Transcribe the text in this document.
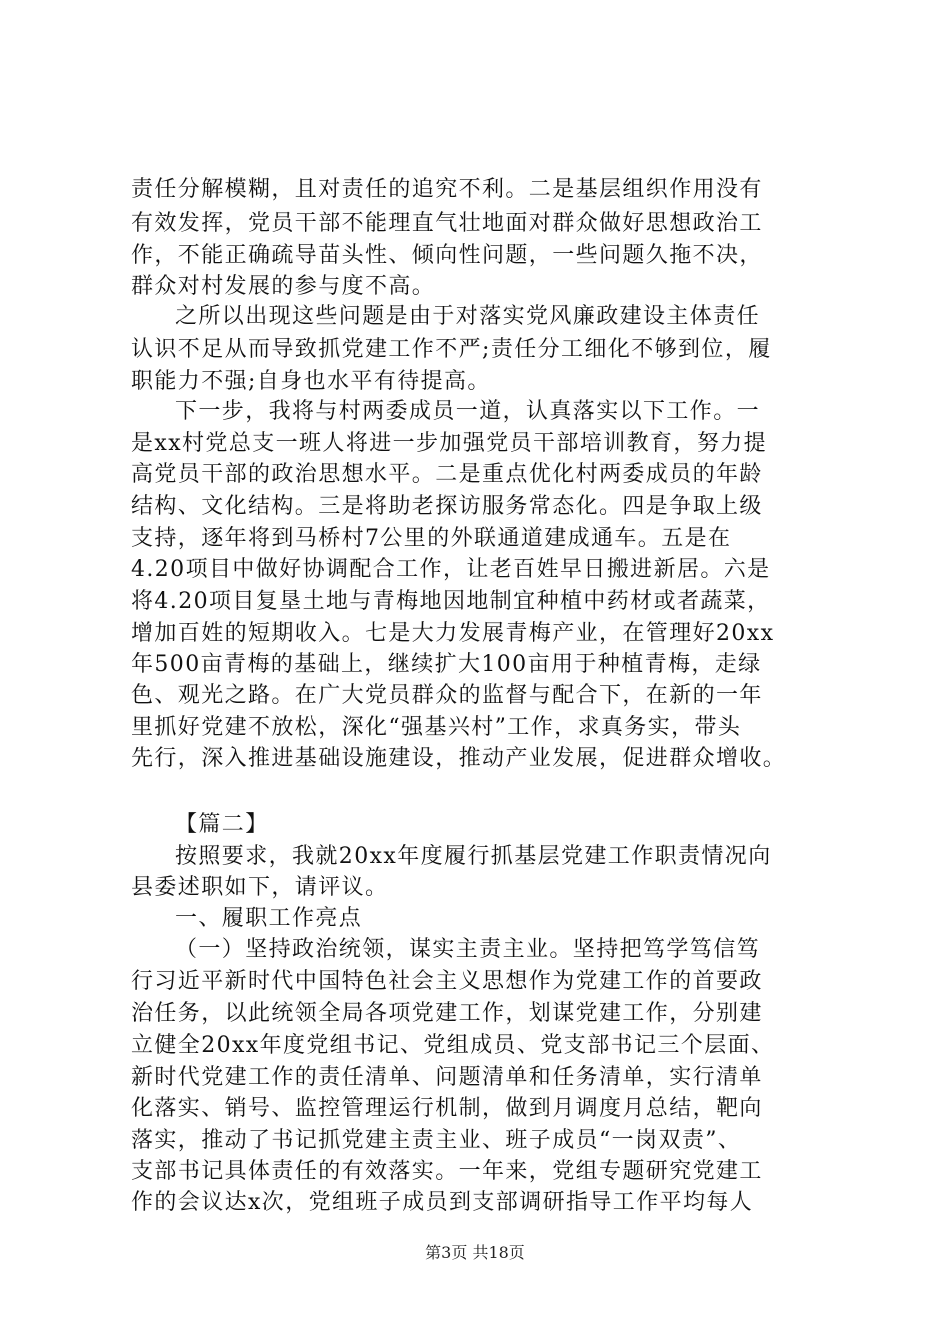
责任分解模糊，且对责任的追究不利。二是基层组织作用没有
有效发挥，党员干部不能理直气壮地面对群众做好思想政治工
作，不能正确疏导苗头性、倾向性问题，一些问题久拖不决，
群众对村发展的参与度不高。
之所以出现这些问题是由于对落实党风廉政建设主体责任
认识不足从而导致抓党建工作不严;责任分工细化不够到位，履
职能力不强;自身也水平有待提高。
下一步，我将与村两委成员一道，认真落实以下工作。一
是xx村党总支一班人将进一步加强党员干部培训教育，努力提
高党员干部的政治思想水平。二是重点优化村两委成员的年龄
结构、文化结构。三是将助老探访服务常态化。四是争取上级
支持，逐年将到马桥村7公里的外联通道建成通车。五是在
4.20项目中做好协调配合工作，让老百姓早日搬进新居。六是
将4.20项目复垦土地与青梅地因地制宜种植中药材或者蔬菜，
增加百姓的短期收入。七是大力发展青梅产业，在管理好20xx
年500亩青梅的基础上，继续扩大100亩用于种植青梅，走绿
色、观光之路。在广大党员群众的监督与配合下，在新的一年
里抓好党建不放松，深化“强基兴村”工作，求真务实，带头
先行，深入推进基础设施建设，推动产业发展，促进群众增收。
【篇二】
按照要求，我就20xx年度履行抓基层党建工作职责情况向
县委述职如下，请评议。
一、履职工作亮点
（一）坚持政治统领，谋实主责主业。坚持把笃学笃信笃
行习近平新时代中国特色社会主义思想作为党建工作的首要政
治任务，以此统领全局各项党建工作，划谋党建工作，分别建
立健全20xx年度党组书记、党组成员、党支部书记三个层面、
新时代党建工作的责任清单、问题清单和任务清单，实行清单
化落实、销号、监控管理运行机制，做到月调度月总结，靶向
落实，推动了书记抓党建主责主业、班子成员“一岗双责”、
支部书记具体责任的有效落实。一年来，党组专题研究党建工
作的会议达x次，党组班子成员到支部调研指导工作平均每人
第3页 共18页
